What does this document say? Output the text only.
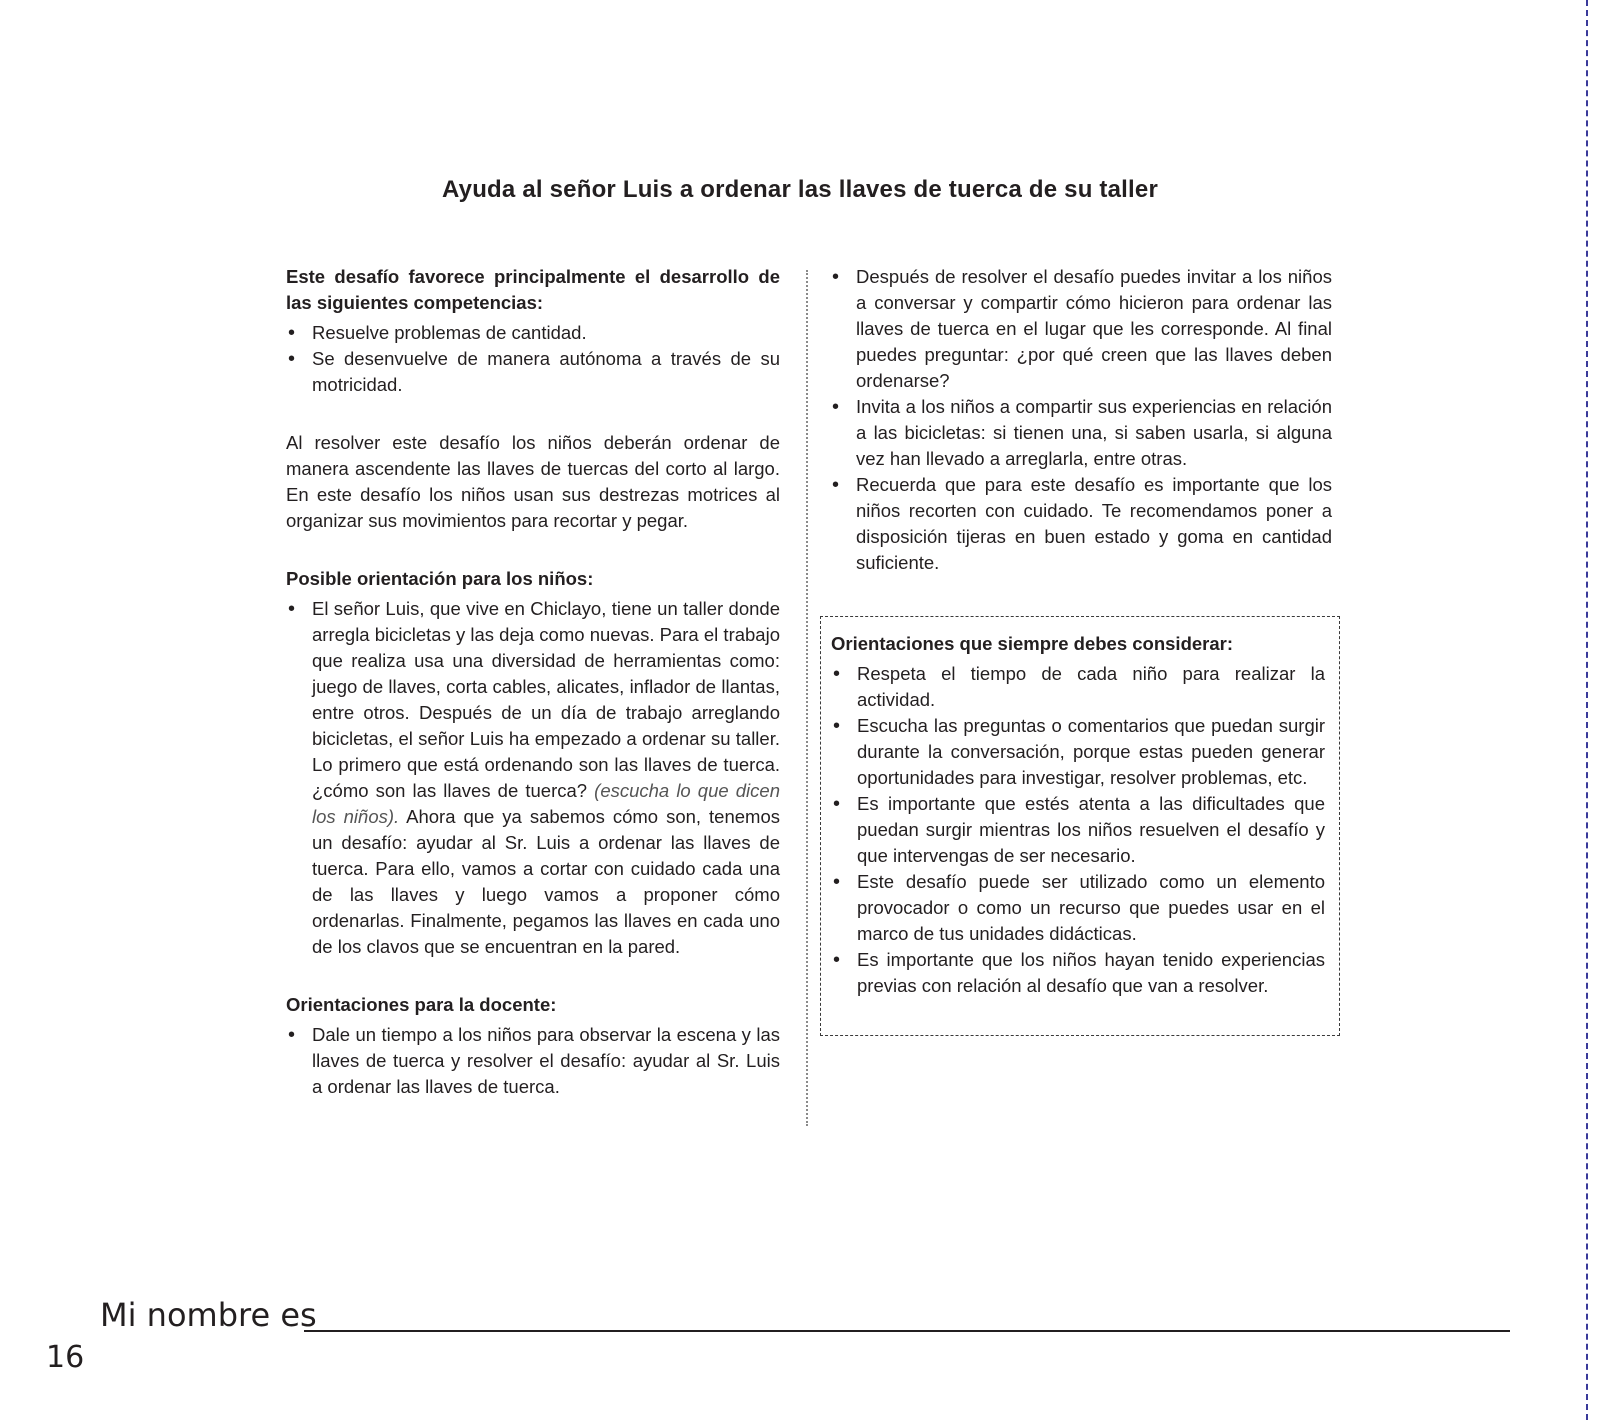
Ayuda al señor Luis a ordenar las llaves de tuerca de su taller

Este desafío favorece principalmente el desarrollo de las siguientes competencias:

• Resuelve problemas de cantidad.
• Se desenvuelve de manera autónoma a través de su motricidad.

Al resolver este desafío los niños deberán ordenar de manera ascendente las llaves de tuercas del corto al largo. En este desafío los niños usan sus destrezas motrices al organizar sus movimientos para recortar y pegar.

Posible orientación para los niños:

• El señor Luis, que vive en Chiclayo, tiene un taller donde arregla bicicletas y las deja como nuevas. Para el trabajo que realiza usa una diversidad de herramientas como: juego de llaves, corta cables, alicates, inflador de llantas, entre otros. Después de un día de trabajo arreglando bicicletas, el señor Luis ha empezado a ordenar su taller. Lo primero que está ordenando son las llaves de tuerca. ¿cómo son las llaves de tuerca? (escucha lo que dicen los niños). Ahora que ya sabemos cómo son, tenemos un desafío: ayudar al Sr. Luis a ordenar las llaves de tuerca. Para ello, vamos a cortar con cuidado cada una de las llaves y luego vamos a proponer cómo ordenarlas. Finalmente, pegamos las llaves en cada uno de los clavos que se encuentran en la pared.

Orientaciones para la docente:

• Dale un tiempo a los niños para observar la escena y las llaves de tuerca y resolver el desafío: ayudar al Sr. Luis a ordenar las llaves de tuerca.
• Después de resolver el desafío puedes invitar a los niños a conversar y compartir cómo hicieron para ordenar las llaves de tuerca en el lugar que les corresponde. Al final puedes preguntar: ¿por qué creen que las llaves deben ordenarse?
• Invita a los niños a compartir sus experiencias en relación a las bicicletas: si tienen una, si saben usarla, si alguna vez han llevado a arreglarla, entre otras.
• Recuerda que para este desafío es importante que los niños recorten con cuidado. Te recomendamos poner a disposición tijeras en buen estado y goma en cantidad suficiente.

Orientaciones que siempre debes considerar:

• Respeta el tiempo de cada niño para realizar la actividad.
• Escucha las preguntas o comentarios que puedan surgir durante la conversación, porque estas pueden generar oportunidades para investigar, resolver problemas, etc.
• Es importante que estés atenta a las dificultades que puedan surgir mientras los niños resuelven el desafío y que intervengas de ser necesario.
• Este desafío puede ser utilizado como un elemento provocador o como un recurso que puedes usar en el marco de tus unidades didácticas.
• Es importante que los niños hayan tenido experiencias previas con relación al desafío que van a resolver.
Mi nombre es
16
